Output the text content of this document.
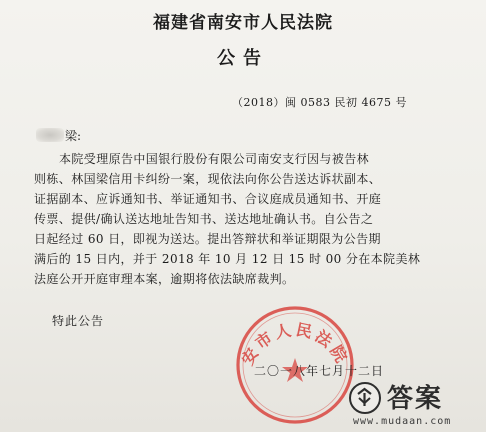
福建省南安市人民法院
公告
（2018）闽 0583 民初 4675 号
梁:
本院受理原告中国银行股份有限公司南安支行因与被告林
则栋、林国梁信用卡纠纷一案，现依法向你公告送达诉状副本、
证据副本、应诉通知书、举证通知书、合议庭成员通知书、开庭
传票、提供/确认送达地址告知书、送达地址确认书。自公告之
日起经过 60 日，即视为送达。提出答辩状和举证期限为公告期
满后的 15 日内，并于 2018 年 10 月 12 日 15 时 00 分在本院美林
法庭公开开庭审理本案，逾期将依法缺席裁判。
特此公告
安市人民法院
二〇一八年七月十二日
答案
www.mudaan.com
